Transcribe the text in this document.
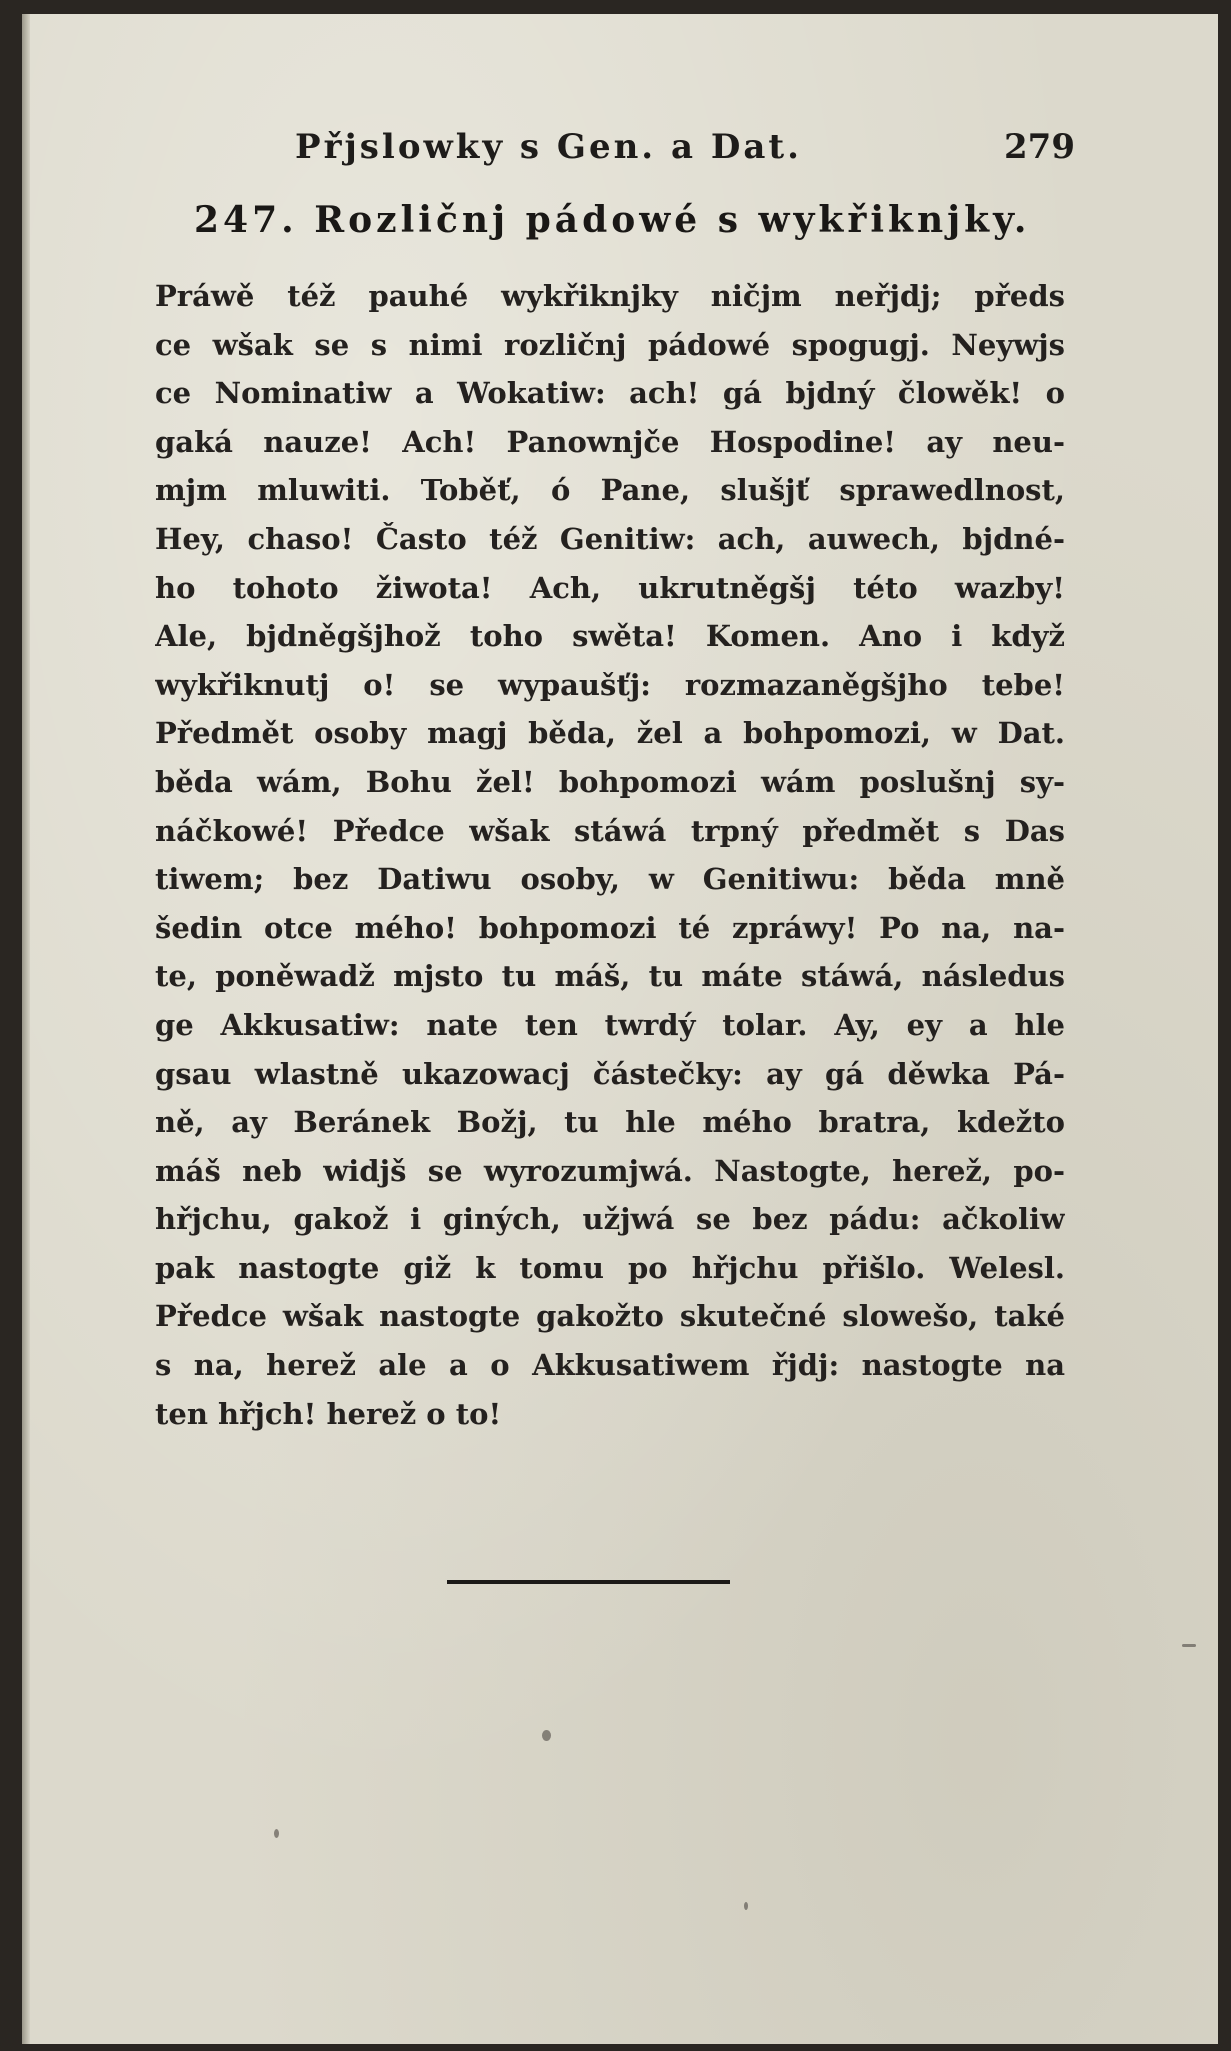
Přjslowky s Gen. a Dat.	279
247. Rozličnj pádowé s wykřiknjky.
Práwě též pauhé wykřiknjky ničjm neřjdj; předs
ce wšak se s nimi rozličnj pádowé spogugj. Neywjs
ce Nominatiw a Wokatiw: ach! gá bjdný člowěk! o
gaká nauze! Ach! Panownjče Hospodine! ay neu-
mjm mluwiti. Toběť, ó Pane, slušjť sprawedlnost,
Hey, chaso! Často též Genitiw: ach, auwech, bjdné-
ho tohoto žiwota! Ach, ukrutněgšj této wazby!
Ale, bjdněgšjhož toho swěta! Komen. Ano i když
wykřiknutj o! se wypaušťj: rozmazaněgšjho tebe!
Předmět osoby magj běda, žel a bohpomozi, w Dat.
běda wám, Bohu žel! bohpomozi wám poslušnj sy-
náčkowé! Předce wšak stáwá trpný předmět s Das
tiwem; bez Datiwu osoby, w Genitiwu: běda mně
šedin otce mého! bohpomozi té zpráwy! Po na, na-
te, poněwadž mjsto tu máš, tu máte stáwá, následus
ge Akkusatiw: nate ten twrdý tolar. Ay, ey a hle
gsau wlastně ukazowacj částečky: ay gá děwka Pá-
ně, ay Beránek Božj, tu hle mého bratra, kdežto
máš neb widjš se wyrozumjwá. Nastogte, herež, po-
hřjchu, gakož i giných, užjwá se bez pádu: ačkoliw
pak nastogte giž k tomu po hřjchu přišlo. Welesl.
Předce wšak nastogte gakožto skutečné slowešo, také
s na, herež ale a o Akkusatiwem řjdj: nastogte na
ten hřjch! herež o to!
